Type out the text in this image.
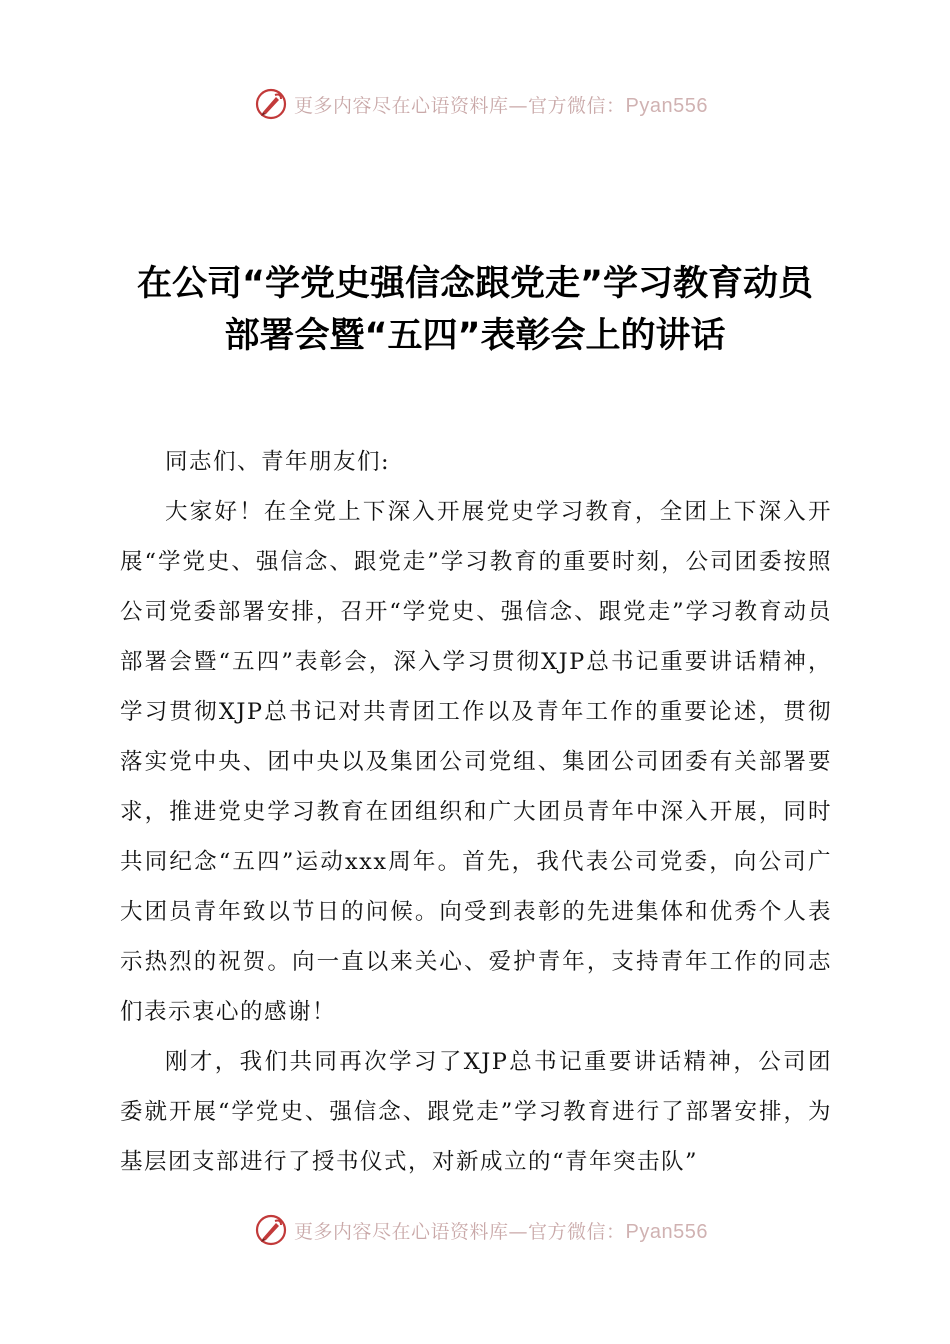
更多内容尽在心语资料库—官方微信：Pyan556
在公司“学党史强信念跟党走”学习教育动员
部署会暨“五四”表彰会上的讲话

同志们、青年朋友们:

大家好！在全党上下深入开展党史学习教育，全团上下深入开展“学党史、强信念、跟党走”学习教育的重要时刻，公司团委按照公司党委部署安排，召开“学党史、强信念、跟党走”学习教育动员部署会暨“五四”表彰会，深入学习贯彻XJP总书记重要讲话精神，学习贯彻XJP总书记对共青团工作以及青年工作的重要论述，贯彻落实党中央、团中央以及集团公司党组、集团公司团委有关部署要求，推进党史学习教育在团组织和广大团员青年中深入开展，同时共同纪念“五四”运动xxx周年。首先，我代表公司党委，向公司广大团员青年致以节日的问候。向受到表彰的先进集体和优秀个人表示热烈的祝贺。向一直以来关心、爱护青年，支持青年工作的同志们表示衷心的感谢！

刚才，我们共同再次学习了XJP总书记重要讲话精神，公司团委就开展“学党史、强信念、跟党走”学习教育进行了部署安排，为基层团支部进行了授书仪式，对新成立的“青年突击队”

更多内容尽在心语资料库—官方微信：Pyan556
